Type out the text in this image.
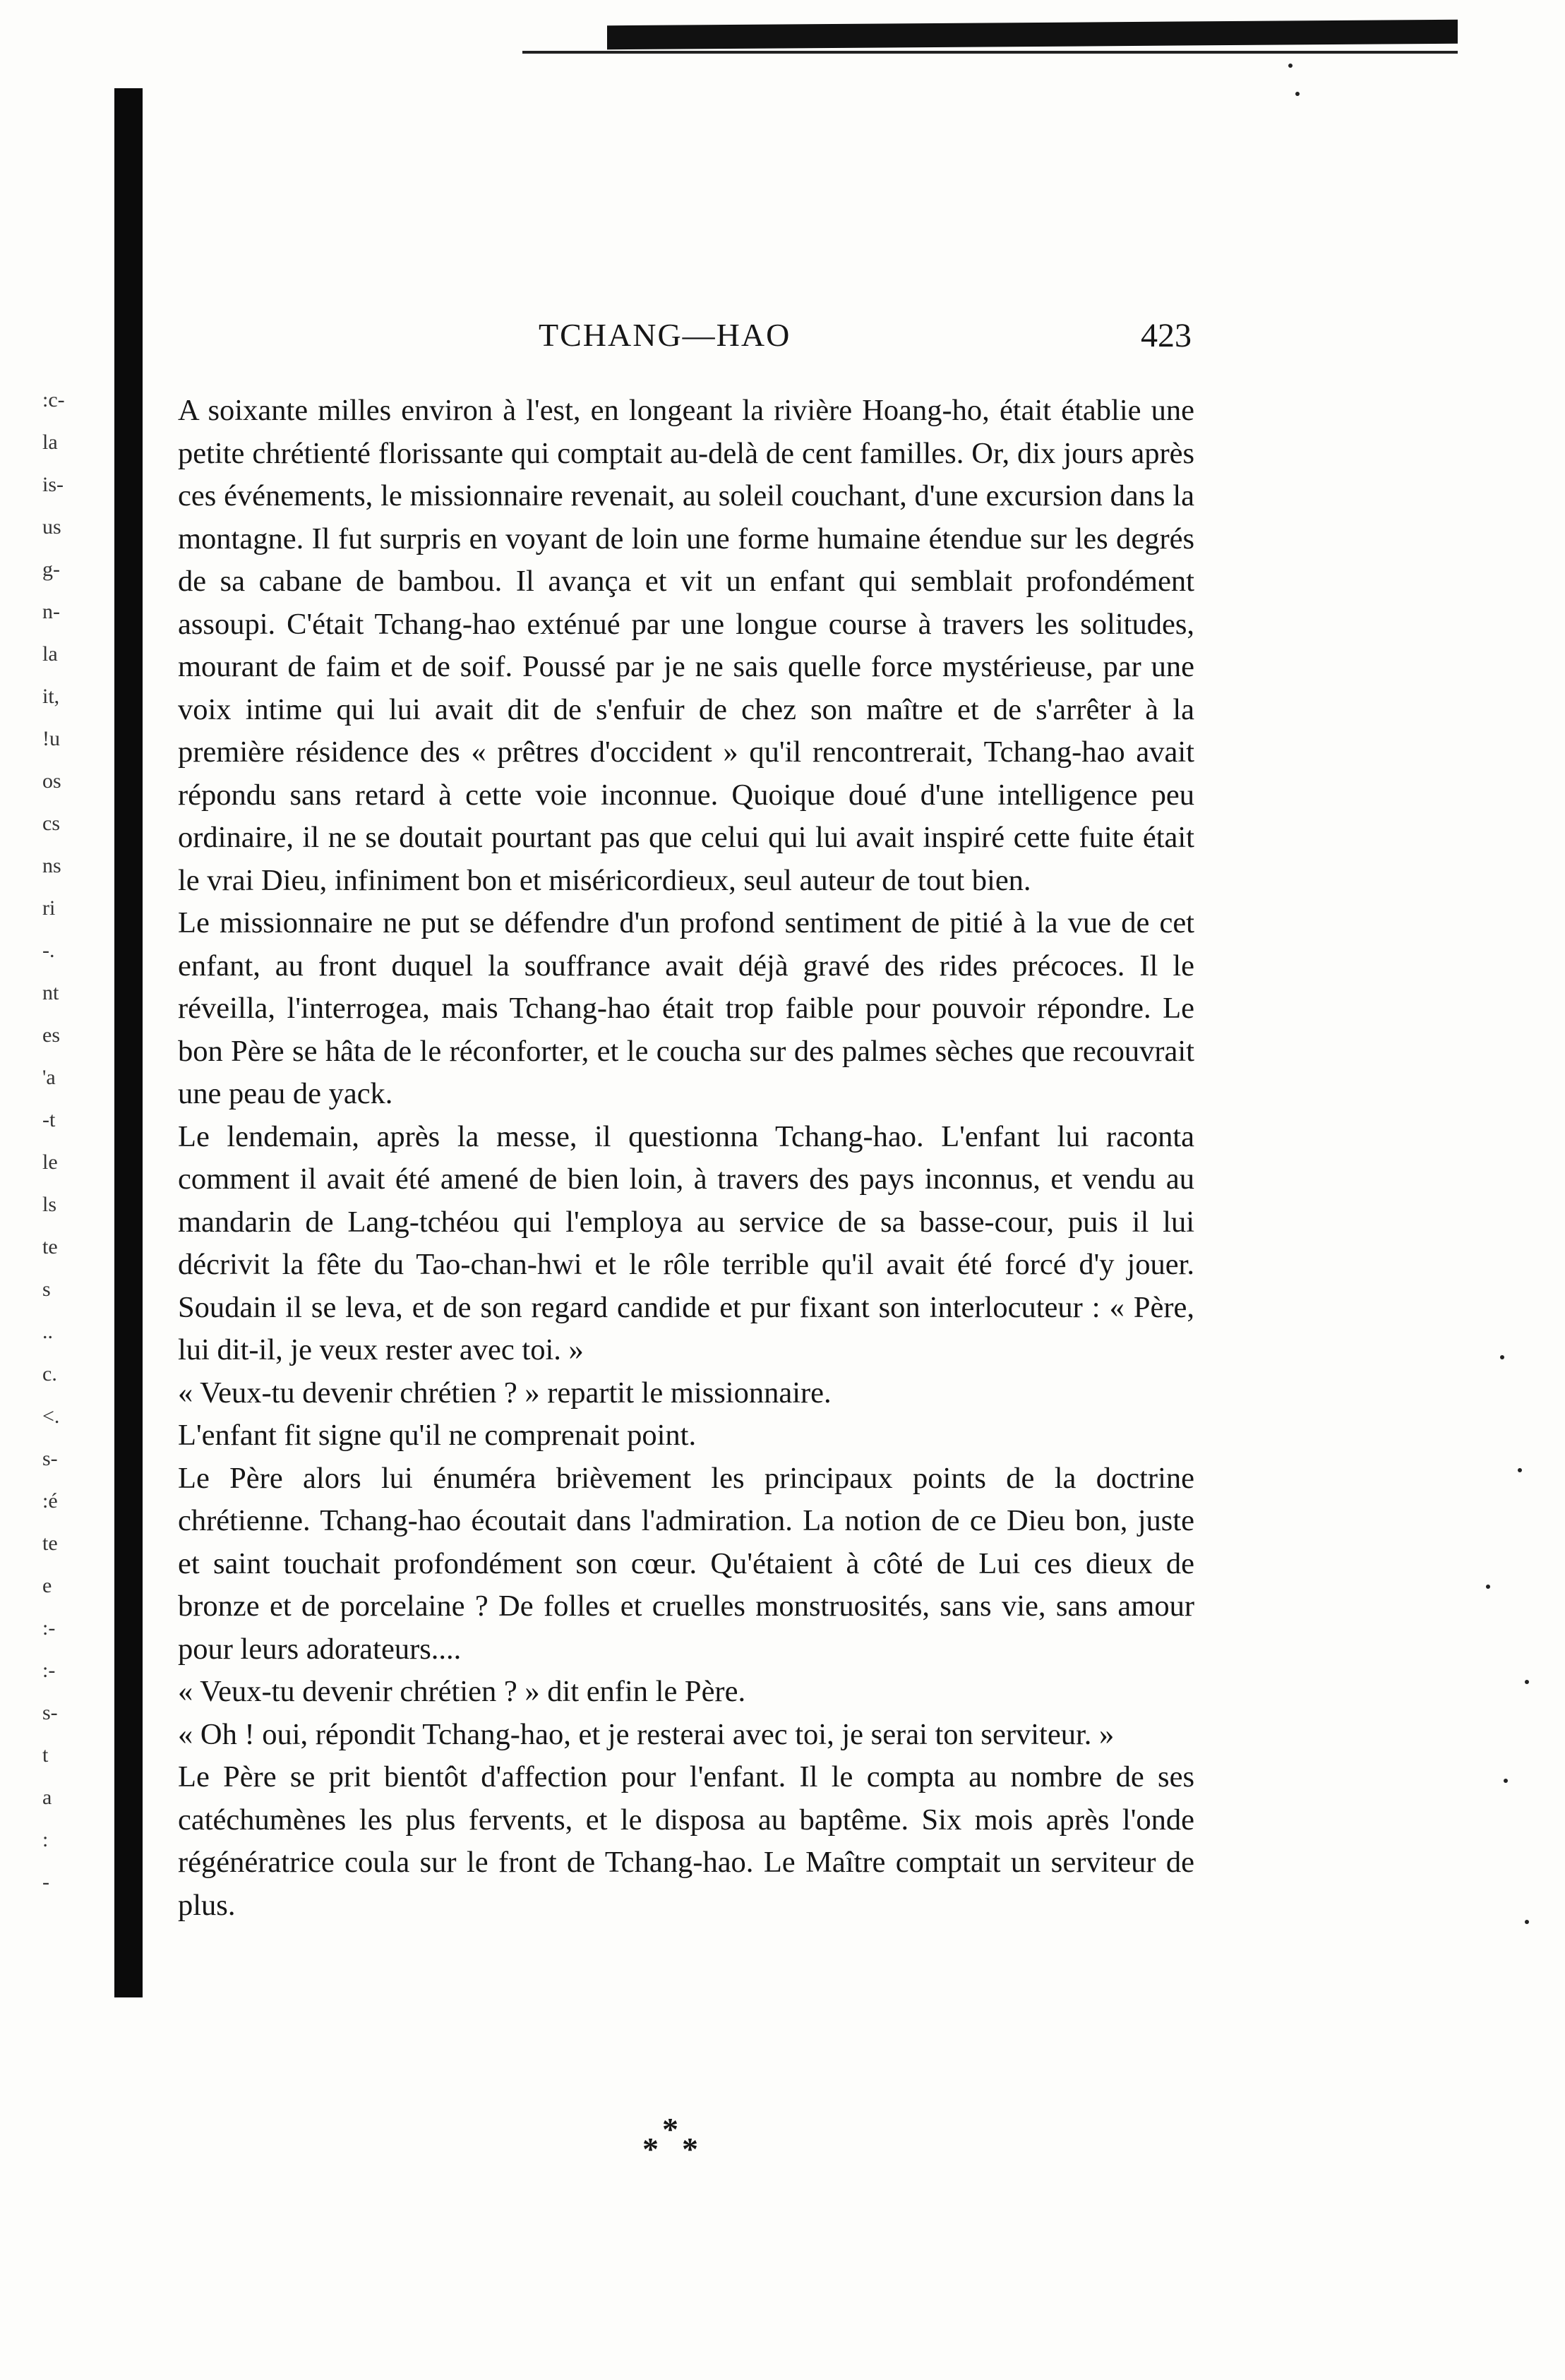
:c-
la
is-
us
g-
n-
la
it,
!u
os
cs
ns
ri
-.
nt
es
'a
-t
le
ls
te
s
..
c.
<.
s-
:é
te
e
:-
:-
s-
t
a
:
-
TCHANG—HAO	423

A soixante milles environ à l'est, en longeant la rivière Hoang-ho, était établie une petite chrétienté florissante qui comptait au-delà de cent familles. Or, dix jours après ces événements, le missionnaire revenait, au soleil couchant, d'une excursion dans la montagne. Il fut surpris en voyant de loin une forme humaine étendue sur les degrés de sa cabane de bambou. Il avança et vit un enfant qui semblait profondément assoupi. C'était Tchang-hao exténué par une longue course à travers les solitudes, mourant de faim et de soif. Poussé par je ne sais quelle force mystérieuse, par une voix intime qui lui avait dit de s'enfuir de chez son maître et de s'arrêter à la première résidence des « prêtres d'occident » qu'il rencontrerait, Tchang-hao avait répondu sans retard à cette voie inconnue. Quoique doué d'une intelligence peu ordinaire, il ne se doutait pourtant pas que celui qui lui avait inspiré cette fuite était le vrai Dieu, infiniment bon et miséricordieux, seul auteur de tout bien.

Le missionnaire ne put se défendre d'un profond sentiment de pitié à la vue de cet enfant, au front duquel la souffrance avait déjà gravé des rides précoces. Il le réveilla, l'interrogea, mais Tchang-hao était trop faible pour pouvoir répondre. Le bon Père se hâta de le réconforter, et le coucha sur des palmes sèches que recouvrait une peau de yack.

Le lendemain, après la messe, il questionna Tchang-hao. L'enfant lui raconta comment il avait été amené de bien loin, à travers des pays inconnus, et vendu au mandarin de Lang-tchéou qui l'employa au service de sa basse-cour, puis il lui décrivit la fête du Tao-chan-hwi et le rôle terrible qu'il avait été forcé d'y jouer. Soudain il se leva, et de son regard candide et pur fixant son interlocuteur : « Père, lui dit-il, je veux rester avec toi. »

« Veux-tu devenir chrétien ? » repartit le missionnaire.

L'enfant fit signe qu'il ne comprenait point.

Le Père alors lui énuméra brièvement les principaux points de la doctrine chrétienne. Tchang-hao écoutait dans l'admiration. La notion de ce Dieu bon, juste et saint touchait profondément son cœur. Qu'étaient à côté de Lui ces dieux de bronze et de porcelaine ? De folles et cruelles monstruosités, sans vie, sans amour pour leurs adorateurs....

« Veux-tu devenir chrétien ? » dit enfin le Père.

« Oh ! oui, répondit Tchang-hao, et je resterai avec toi, je serai ton serviteur. »

Le Père se prit bientôt d'affection pour l'enfant. Il le compta au nombre de ses catéchumènes les plus fervents, et le disposa au baptême. Six mois après l'onde régénératrice coula sur le front de Tchang-hao. Le Maître comptait un serviteur de plus.

*
* *
